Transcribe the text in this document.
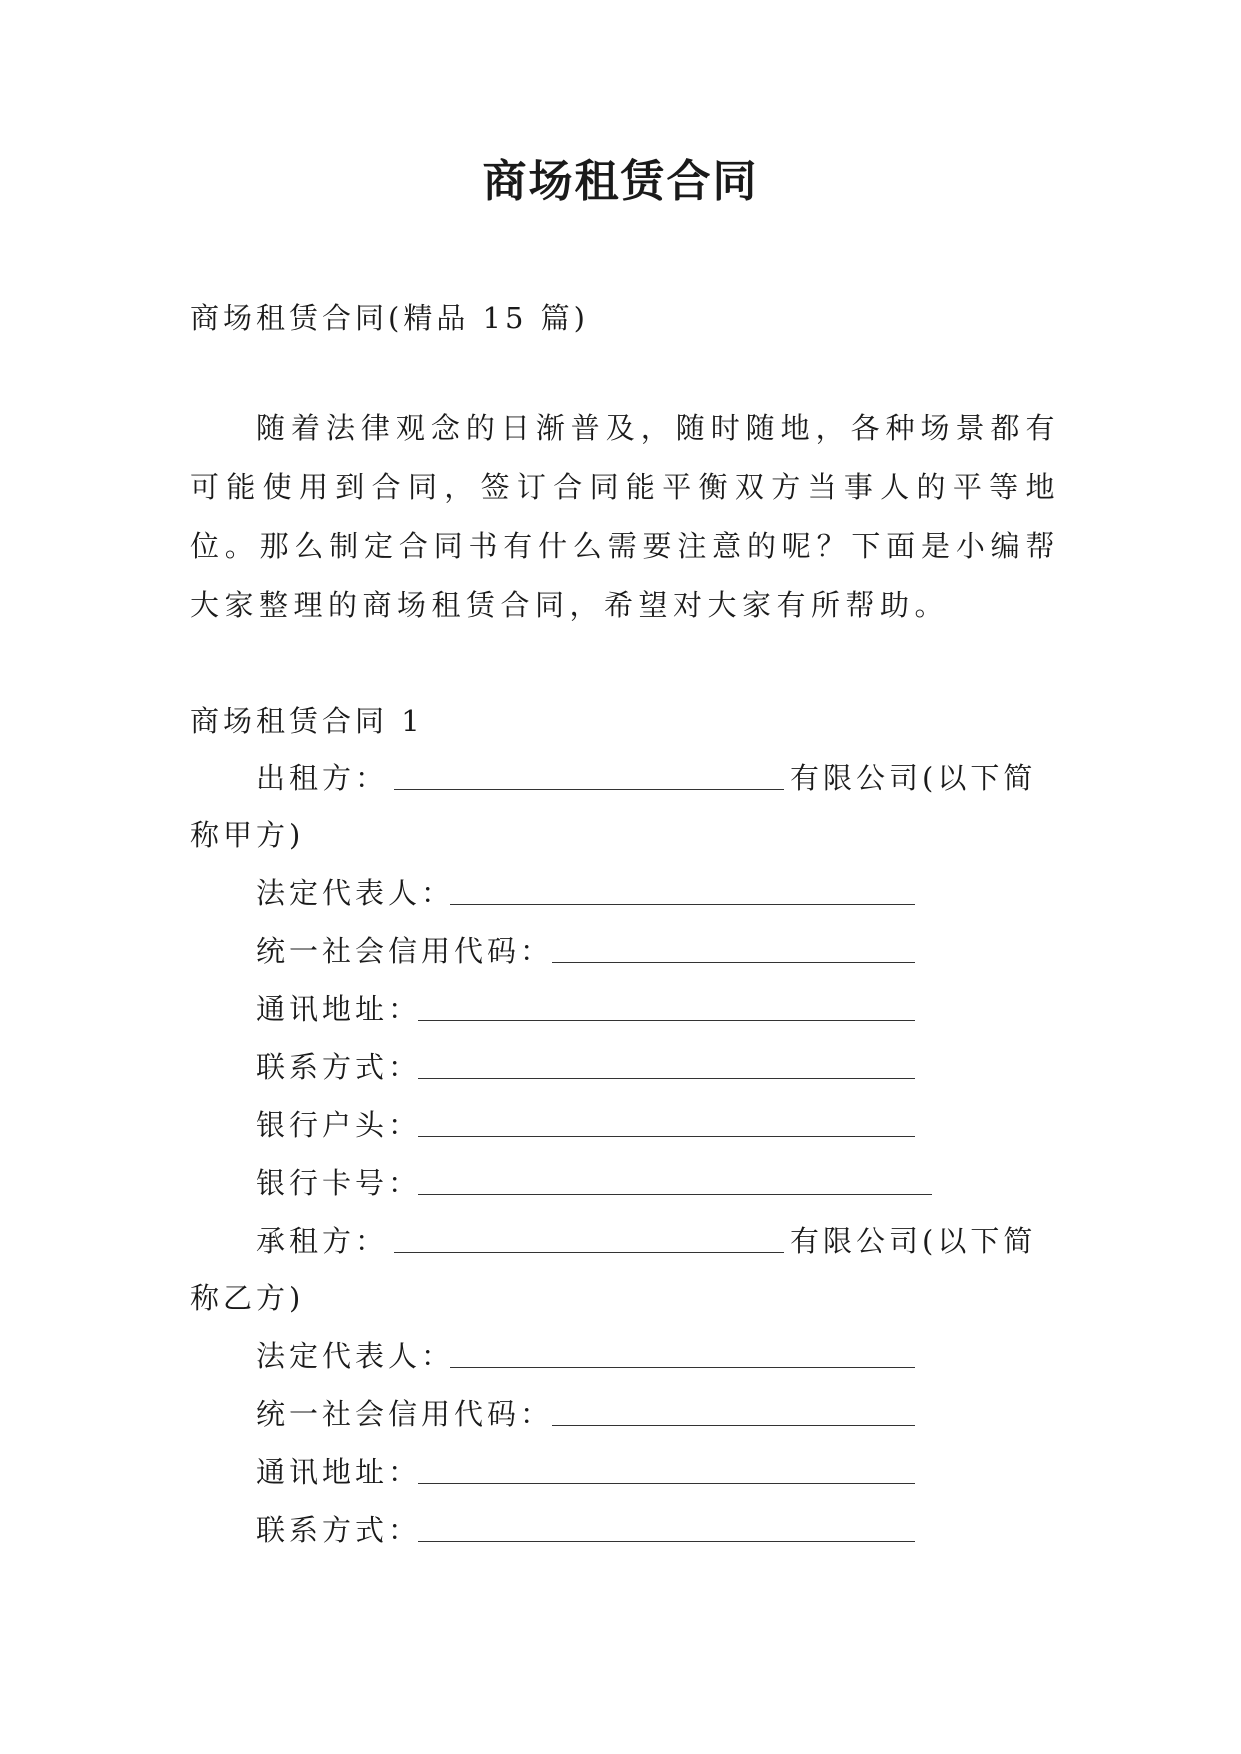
商场租赁合同
商场租赁合同(精品 15 篇)
随着法律观念的日渐普及，随时随地，各种场景都有可能使用到合同，签订合同能平衡双方当事人的平等地位。那么制定合同书有什么需要注意的呢？下面是小编帮大家整理的商场租赁合同，希望对大家有所帮助。
商场租赁合同 1
出租方：	有限公司(以下简
称甲方)
法定代表人：
统一社会信用代码：
通讯地址：
联系方式：
银行户头：
银行卡号：
承租方：	有限公司(以下简
称乙方)
法定代表人：
统一社会信用代码：
通讯地址：
联系方式：
